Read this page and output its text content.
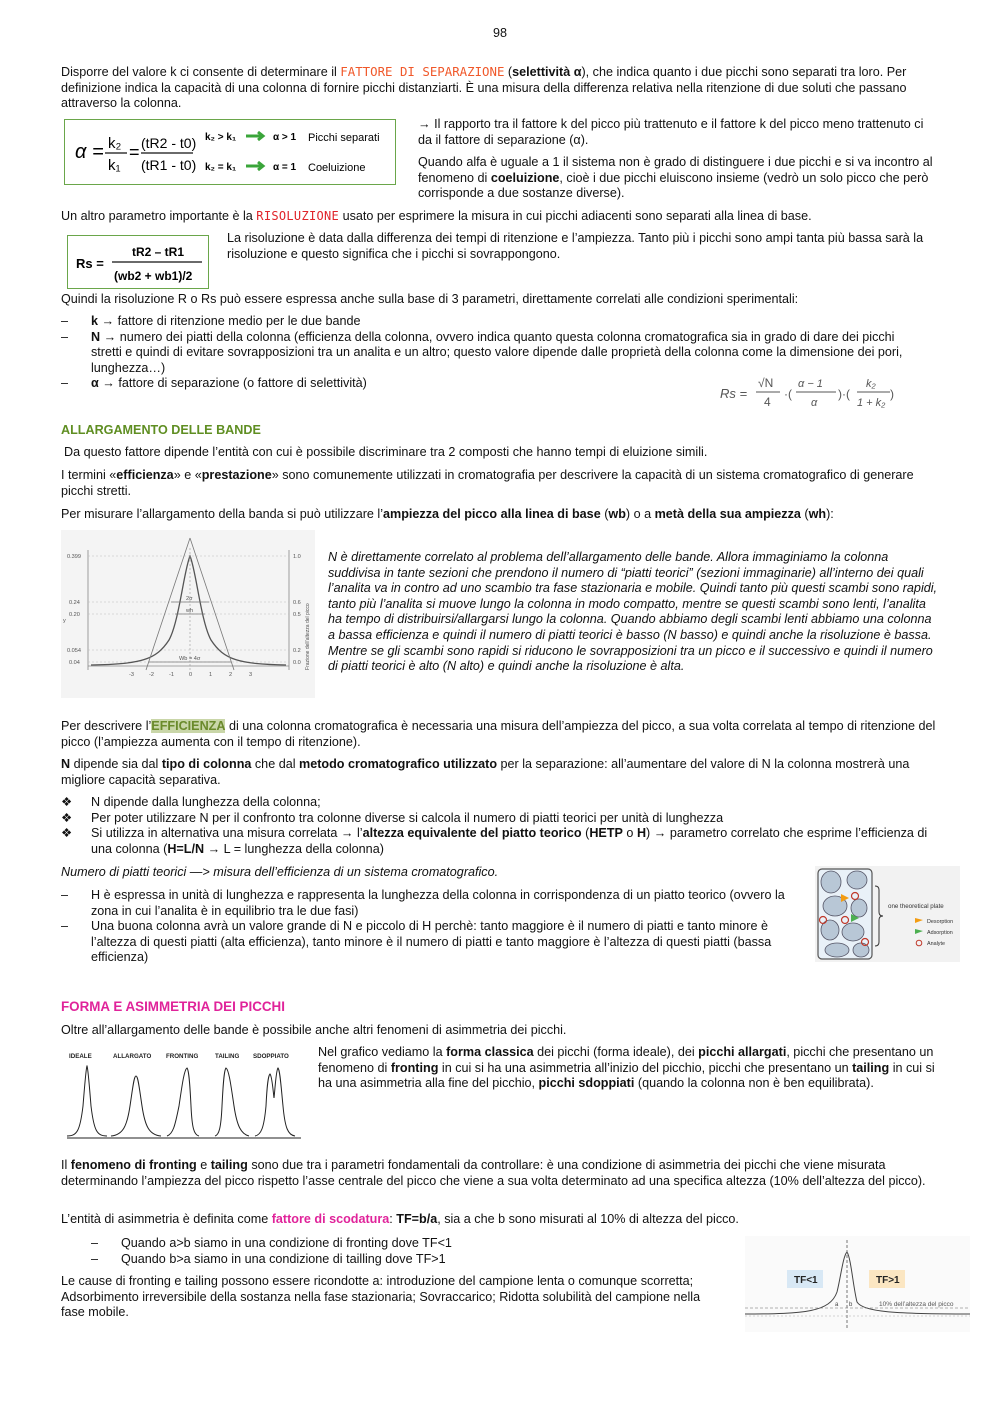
98

Disporre del valore k ci consente di determinare il FATTORE DI SEPARAZIONE (selettività α), che indica quanto i due picchi sono separati tra loro. Per definizione indica la capacità di una colonna di fornire picchi distanziarti. È una misura della differenza relativa nella ritenzione di due soluti che passano attraverso la colonna.

α = k₂
k₁
= (tR2 - t0)
(tR1 - t0)
k₂ > k₁	α > 1 Picchi separati
k₂ = k₁	α = 1 Coeluizione

→ Il rapporto tra il fattore k del picco più trattenuto e il fattore k del picco meno trattenuto ci da il fattore di separazione (α).

Quando alfa è uguale a 1 il sistema non è grado di distinguere i due picchi e si va incontro al fenomeno di coeluizione, cioè i due picchi eluiscono insieme (vedrò un solo picco che però corrisponde a due sostanze diverse).

Un altro parametro importante è la RISOLUZIONE usato per esprimere la misura in cui picchi adiacenti sono separati alla linea di base.

Rs =
tR2 – tR1
(wb2 + wb1)/2

La risoluzione è data dalla differenza dei tempi di ritenzione e l’ampiezza. Tanto più i picchi sono ampi tanta più bassa sarà la risoluzione e questo significa che i picchi si sovrappongono.

Quindi la risoluzione R o Rs può essere espressa anche sulla base di 3 parametri, direttamente correlati alle condizioni sperimentali:

– k → fattore di ritenzione medio per le due bande
– N → numero dei piatti della colonna (efficienza della colonna, ovvero indica quanto questa colonna cromatografica sia in grado di dare dei picchi stretti e quindi di evitare sovrapposizioni tra un analita e un altro; questo valore dipende dalle proprietà della colonna come la dimensione dei pori, lunghezza…)
– α → fattore di separazione (o fattore di selettività)
Rs =
√N
4
·(
α − 1
α
)·(
k₂
1 + k₂
)
ALLARGAMENTO DELLE BANDE

Da questo fattore dipende l’entità con cui è possibile discriminare tra 2 composti che hanno tempi di eluizione simili.

I termini «efficienza» e «prestazione» sono comunemente utilizzati in cromatografia per descrivere la capacità di un sistema cromatografico di generare picchi stretti.

Per misurare l’allargamento della banda si può utilizzare l’ampiezza del picco alla linea di base (wb) o a metà della sua ampiezza (wh):

0.399
0.24
0.20
0.054
0.04
1.0
0.6
0.5
0.2
0.0
-3	-2	-1	0	1	2	3
2σ
wh
Wb = 4σ
y	Frazione dell’altezza del picco

N è direttamente correlato al problema dell’allargamento delle bande. Allora immaginiamo la colonna suddivisa in tante sezioni che prendono il numero di “piatti teorici” (sezioni immaginarie) all’interno dei quali l’analita va in contro ad uno scambio tra fase stazionaria e mobile. Quindi tanto più questi scambi sono rapidi, tanto più l’analita si muove lungo la colonna in modo compatto, mentre se questi scambi sono lenti, l’analita ha tempo di distribuirsi/allargarsi lungo la colonna. Quando abbiamo degli scambi lenti abbiamo una colonna a bassa efficienza e quindi il numero di piatti teorici è basso (N basso) e quindi anche la risoluzione è bassa. Mentre se gli scambi sono rapidi si riducono le sovrapposizioni tra un picco e il successivo e quindi il numero di piatti teorici è alto (N alto) e quindi anche la risoluzione è alta.

Per descrivere l’EFFICIENZA di una colonna cromatografica è necessaria una misura dell’ampiezza del picco, a sua volta correlata al tempo di ritenzione del picco (l’ampiezza aumenta con il tempo di ritenzione).

N dipende sia dal tipo di colonna che dal metodo cromatografico utilizzato per la separazione: all’aumentare del valore di N la colonna mostrerà una migliore capacità separativa.

❖ N dipende dalla lunghezza della colonna;
❖ Per poter utilizzare N per il confronto tra colonne diverse si calcola il numero di piatti teorici per unità di lunghezza
❖ Si utilizza in alternativa una misura correlata → l’altezza equivalente del piatto teorico (HETP o H) → parametro correlato che esprime l’efficienza di una colonna (H=L/N → L = lunghezza della colonna)

Numero di piatti teorici —> misura dell’efficienza di un sistema cromatografico.

– H è espressa in unità di lunghezza e rappresenta la lunghezza della colonna in corrispondenza di un piatto teorico (ovvero la zona in cui l’analita è in equilibrio tra le due fasi)
– Una buona colonna avrà un valore grande di N e piccolo di H perchè: tanto maggiore è il numero di piatti e tanto minore è l’altezza di questi piatti (alta efficienza), tanto minore è il numero di piatti e tanto maggiore è l’altezza di questi piatti (bassa efficienza)
one theoretical plate
Desorption
Adsorption
Analyte
FORMA E ASIMMETRIA DEI PICCHI

Oltre all’allargamento delle bande è possibile anche altri fenomeni di asimmetria dei picchi.

IDEALE	ALLARGATO FRONTING	TAILING SDOPPIATO Nel grafico vediamo la forma classica dei picchi (forma ideale), dei picchi allargati, picchi che presentano un fenomeno di fronting in cui si ha una asimmetria all’inizio del picchio, picchi che presentano un tailing in cui si ha una asimmetria alla fine del picchio, picchi sdoppiati (quando la colonna non è ben equilibrata).

Il fenomeno di fronting e tailing sono due tra i parametri fondamentali da controllare: è una condizione di asimmetria dei picchi che viene misurata determinando l’ampiezza del picco rispetto l’asse centrale del picco che viene a sua volta determinato ad una specifica altezza (10% dell’altezza del picco).

L’entità di asimmetria è definita come fattore di scodatura: TF=b/a, sia a che b sono misurati al 10% di altezza del picco.

– Quando a>b siamo in una condizione di fronting dove TF<1
– Quando b>a siamo in una condizione di tailling dove TF>1

Le cause di fronting e tailing possono essere ricondotte a: introduzione del campione lenta o comunque scorretta; Adsorbimento irreversibile della sostanza nella fase stazionaria; Sovraccarico; Ridotta solubilità del campione nella fase mobile.

TF<1	TF>1
a b	10% dell’altezza del picco
